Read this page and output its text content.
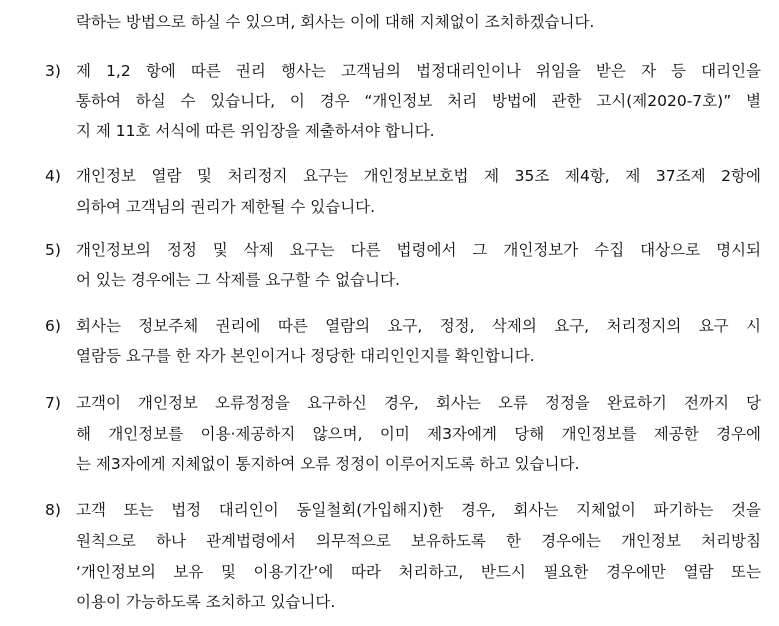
락하는 방법으로 하실 수 있으며, 회사는 이에 대해 지체없이 조치하겠습니다.
3) 제 1,2 항에 따른 권리 행사는 고객님의 법정대리인이나 위임을 받은 자 등 대리인을
통하여 하실 수 있습니다, 이 경우 “개인정보 처리 방법에 관한 고시(제2020-7호)” 별
지 제 11호 서식에 따른 위임장을 제출하셔야 합니다.
4) 개인정보 열람 및 처리정지 요구는 개인정보보호법 제 35조 제4항, 제 37조제 2항에
의하여 고객님의 권리가 제한될 수 있습니다.
5) 개인정보의 정정 및 삭제 요구는 다른 법령에서 그 개인정보가 수집 대상으로 명시되
어 있는 경우에는 그 삭제를 요구할 수 없습니다.
6) 회사는 정보주체 권리에 따른 열람의 요구, 정정, 삭제의 요구, 처리정지의 요구 시
열람등 요구를 한 자가 본인이거나 정당한 대리인인지를 확인합니다.
7) 고객이 개인정보 오류정정을 요구하신 경우, 회사는 오류 정정을 완료하기 전까지 당
해 개인정보를 이용·제공하지 않으며, 이미 제3자에게 당해 개인정보를 제공한 경우에
는 제3자에게 지체없이 통지하여 오류 정정이 이루어지도록 하고 있습니다.
8) 고객 또는 법정 대리인이 동일철회(가입해지)한 경우, 회사는 지체없이 파기하는 것을
원칙으로 하나 관계법령에서 의무적으로 보유하도록 한 경우에는 개인정보 처리방침
‘개인정보의 보유 및 이용기간’에 따라 처리하고, 반드시 필요한 경우에만 열람 또는
이용이 가능하도록 조치하고 있습니다.
